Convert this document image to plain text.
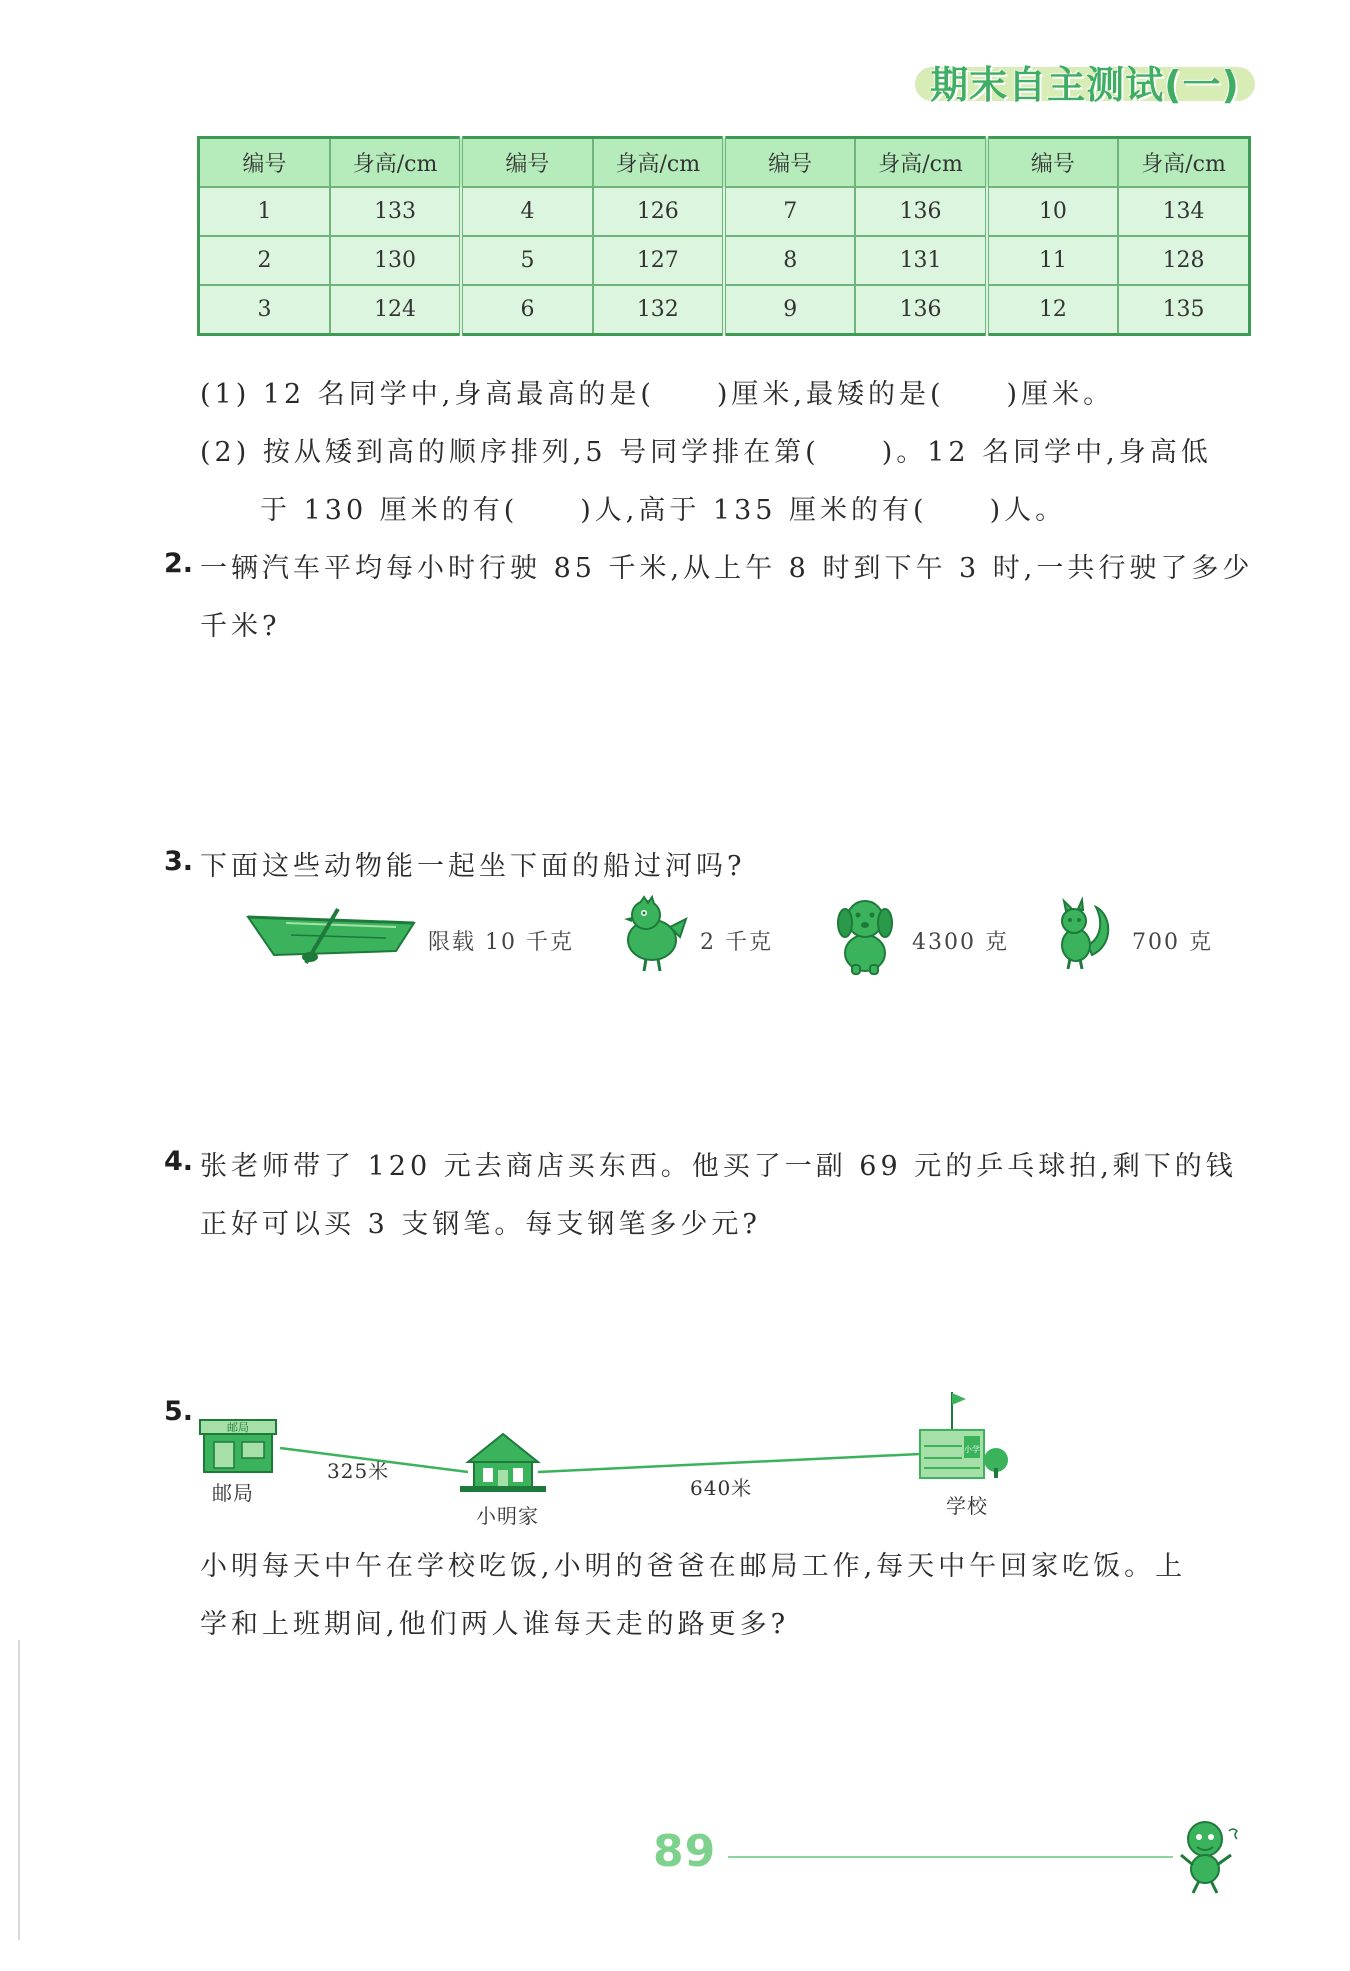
期末自主测试(一)
编号	身高/cm	编号	身高/cm	编号	身高/cm	编号	身高/cm
1	133	4	126	7	136	10	134
2	130	5	127	8	131	11	128
3	124	6	132	9	136	12	135
(1) 12 名同学中,身高最高的是(　　)厘米,最矮的是(　　)厘米。
(2) 按从矮到高的顺序排列,5 号同学排在第(　　)。12 名同学中,身高低
于 130 厘米的有(　　)人,高于 135 厘米的有(　　)人。
2. 一辆汽车平均每小时行驶 85 千米,从上午 8 时到下午 3 时,一共行驶了多少
千米?
3. 下面这些动物能一起坐下面的船过河吗?
限载 10 千克	2 千克	4300 克	700 克
4. 张老师带了 120 元去商店买东西。他买了一副 69 元的乒乓球拍,剩下的钱
正好可以买 3 支钢笔。每支钢笔多少元?
5.
邮局
小学
邮局
325米
小明家
640米
学校
小明每天中午在学校吃饭,小明的爸爸在邮局工作,每天中午回家吃饭。上
学和上班期间,他们两人谁每天走的路更多?
89
